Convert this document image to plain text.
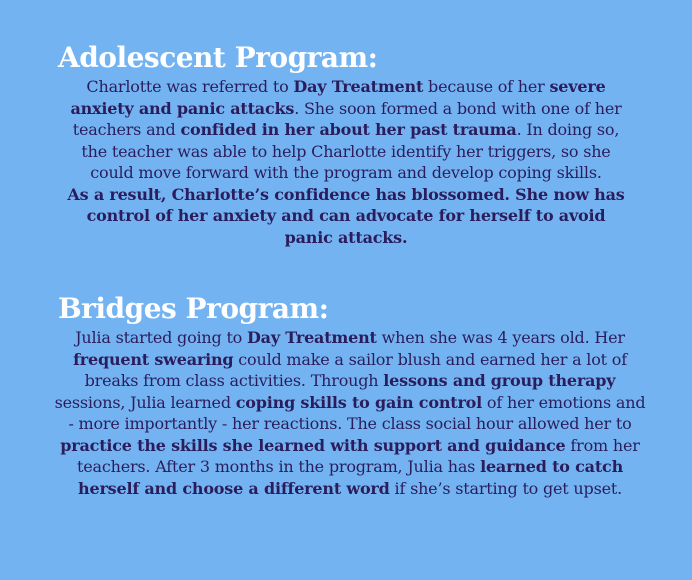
Adolescent Program:

Charlotte was referred to Day Treatment because of her severe anxiety and panic attacks. She soon formed a bond with one of her teachers and confided in her about her past trauma. In doing so, the teacher was able to help Charlotte identify her triggers, so she could move forward with the program and develop coping skills.
As a result, Charlotte’s confidence has blossomed. She now has control of her anxiety and can advocate for herself to avoid panic attacks.

Bridges Program:

Julia started going to Day Treatment when she was 4 years old. Her frequent swearing could make a sailor blush and earned her a lot of breaks from class activities. Through lessons and group therapy sessions, Julia learned coping skills to gain control of her emotions and - more importantly - her reactions. The class social hour allowed her to practice the skills she learned with support and guidance from her teachers. After 3 months in the program, Julia has learned to catch herself and choose a different word if she’s starting to get upset.
